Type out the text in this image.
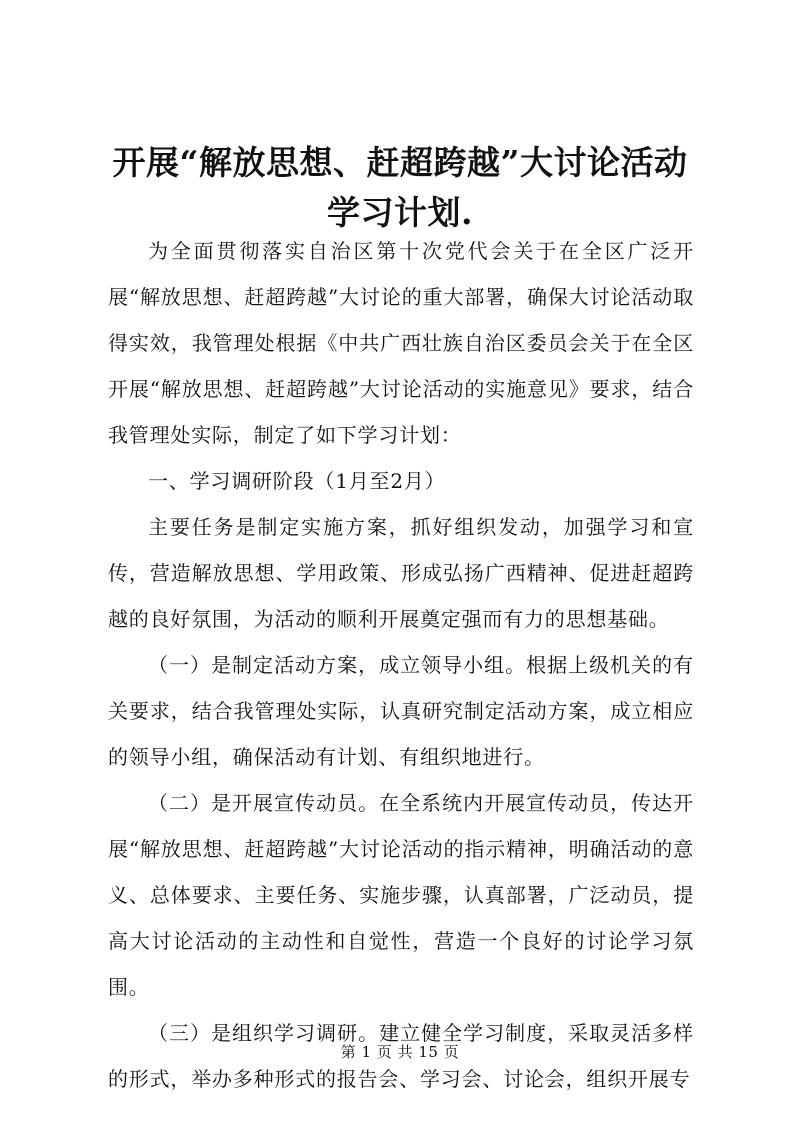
开展“解放思想、赶超跨越”大讨论活动学习计划.

为全面贯彻落实自治区第十次党代会关于在全区广泛开展“解放思想、赶超跨越”大讨论的重大部署，确保大讨论活动取得实效，我管理处根据《中共广西壮族自治区委员会关于在全区开展“解放思想、赶超跨越”大讨论活动的实施意见》要求，结合我管理处实际，制定了如下学习计划：

一、学习调研阶段（1月至2月）

主要任务是制定实施方案，抓好组织发动，加强学习和宣传，营造解放思想、学用政策、形成弘扬广西精神、促进赶超跨越的良好氛围，为活动的顺利开展奠定强而有力的思想基础。

（一）是制定活动方案，成立领导小组。根据上级机关的有关要求，结合我管理处实际，认真研究制定活动方案，成立相应的领导小组，确保活动有计划、有组织地进行。

（二）是开展宣传动员。在全系统内开展宣传动员，传达开展“解放思想、赶超跨越”大讨论活动的指示精神，明确活动的意义、总体要求、主要任务、实施步骤，认真部署，广泛动员，提高大讨论活动的主动性和自觉性，营造一个良好的讨论学习氛围。

（三）是组织学习调研。建立健全学习制度，采取灵活多样的形式，举办多种形式的报告会、学习会、讨论会，组织开展专

第 1 页 共 15 页
